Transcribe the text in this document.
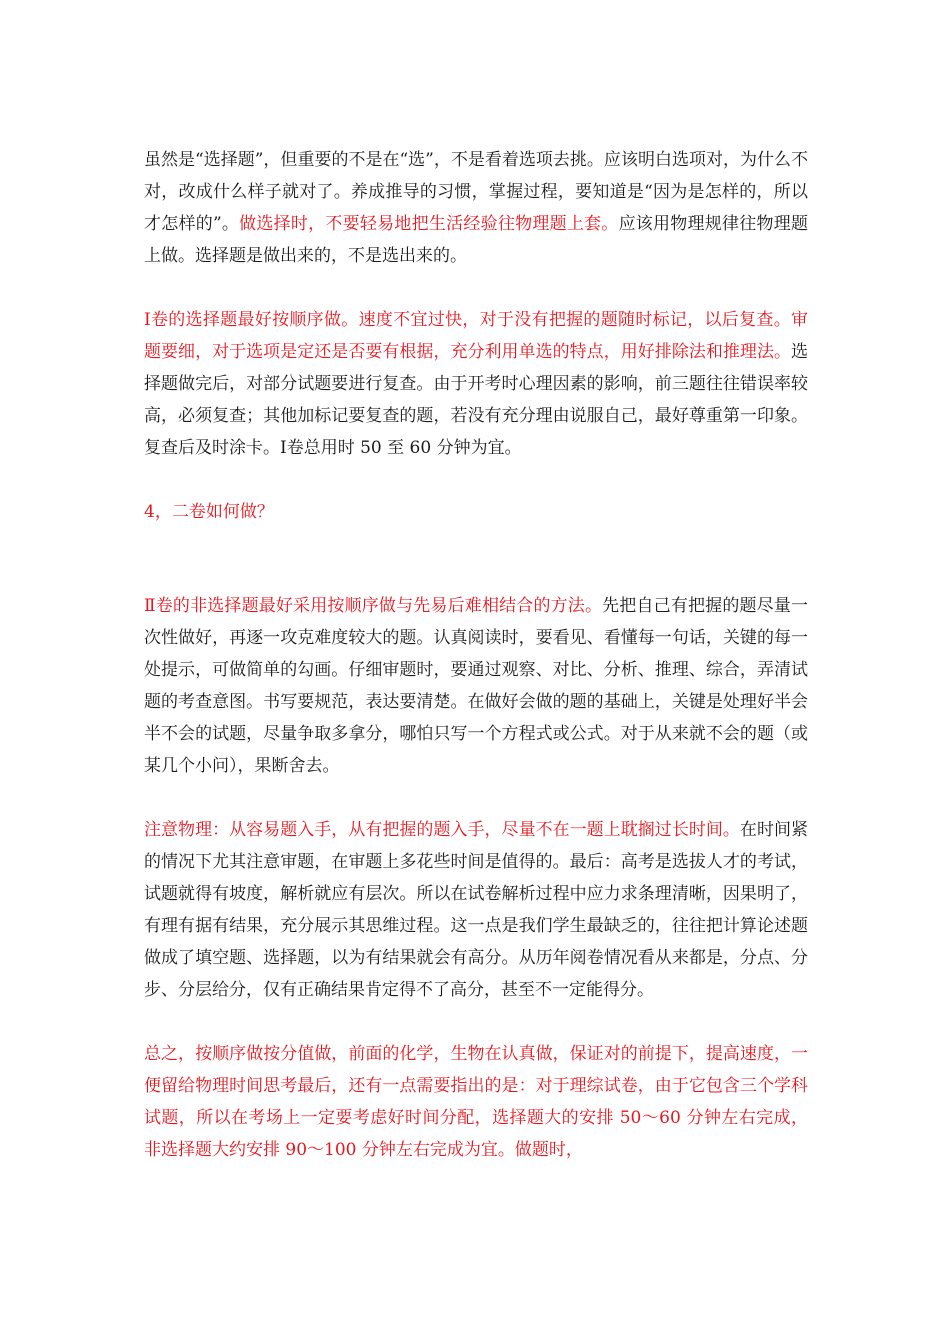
虽然是“选择题”，但重要的不是在“选”，不是看着选项去挑。应该明白选项对，为什么不对，改成什么样子就对了。养成推导的习惯，掌握过程，要知道是“因为是怎样的，所以才怎样的”。做选择时，不要轻易地把生活经验往物理题上套。应该用物理规律往物理题上做。选择题是做出来的，不是选出来的。

Ⅰ卷的选择题最好按顺序做。速度不宜过快，对于没有把握的题随时标记，以后复查。审题要细，对于选项是定还是否要有根据，充分利用单选的特点，用好排除法和推理法。选择题做完后，对部分试题要进行复查。由于开考时心理因素的影响，前三题往往错误率较高，必须复查；其他加标记要复查的题，若没有充分理由说服自己，最好尊重第一印象。复查后及时涂卡。Ⅰ卷总用时 50 至 60 分钟为宜。

4，二卷如何做？

Ⅱ卷的非选择题最好采用按顺序做与先易后难相结合的方法。先把自己有把握的题尽量一次性做好，再逐一攻克难度较大的题。认真阅读时，要看见、看懂每一句话，关键的每一处提示，可做简单的勾画。仔细审题时，要通过观察、对比、分析、推理、综合，弄清试题的考查意图。书写要规范，表达要清楚。在做好会做的题的基础上，关键是处理好半会半不会的试题，尽量争取多拿分，哪怕只写一个方程式或公式。对于从来就不会的题（或某几个小问），果断舍去。

注意物理：从容易题入手，从有把握的题入手，尽量不在一题上耽搁过长时间。在时间紧的情况下尤其注意审题，在审题上多花些时间是值得的。最后：高考是选拔人才的考试，试题就得有坡度，解析就应有层次。所以在试卷解析过程中应力求条理清晰，因果明了，有理有据有结果，充分展示其思维过程。这一点是我们学生最缺乏的，往往把计算论述题做成了填空题、选择题，以为有结果就会有高分。从历年阅卷情况看从来都是，分点、分步、分层给分，仅有正确结果肯定得不了高分，甚至不一定能得分。

总之，按顺序做按分值做，前面的化学，生物在认真做，保证对的前提下，提高速度，一便留给物理时间思考最后，还有一点需要指出的是：对于理综试卷，由于它包含三个学科试题，所以在考场上一定要考虑好时间分配，选择题大的安排 50～60 分钟左右完成，非选择题大约安排 90～100 分钟左右完成为宜。做题时，
